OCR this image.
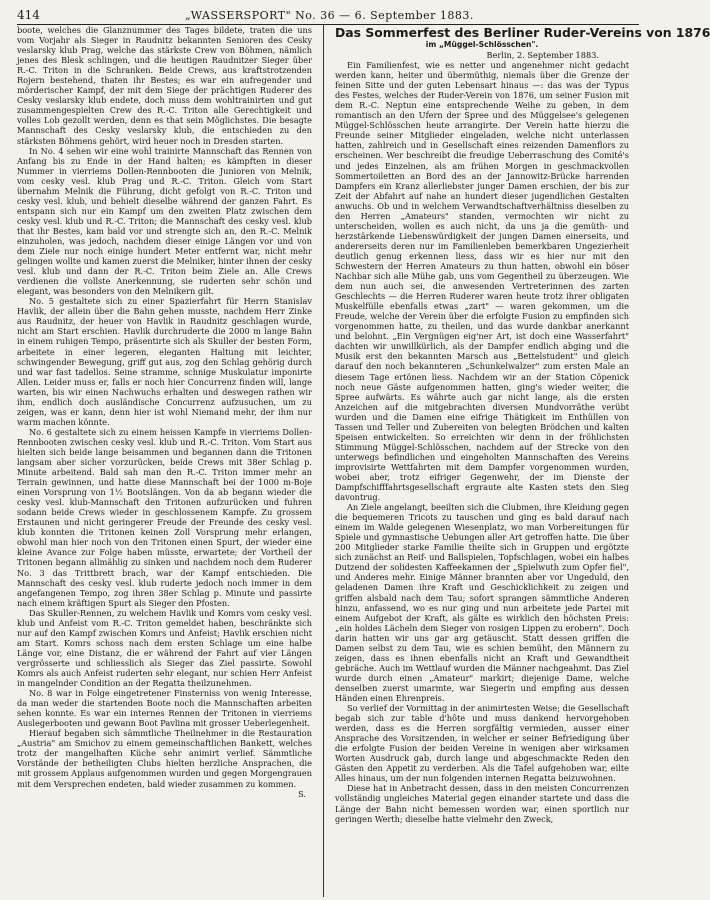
414	„WASSERSPORT" No. 36 — 6. September 1883.

boote, welches die Glanznummer des Tages bildete, traten die uns vom Vorjahr als Sieger in Raudnitz bekannten Senioren des Cesky veslarsky klub Prag, welche das stärkste Crew von Böhmen, nämlich jenes des Blesk schlingen, und die heutigen Raudnitzer Sieger über R.-C. Triton in die Schranken. Beide Crews, aus kraftstrotzenden Rojern bestehend, thaten ihr Bestes; es war ein aufregender und mörderischer Kampf, der mit dem Siege der prächtigen Ruderer des Cesky veslarsky klub endete, doch muss dem wohltrainirten und gut zusammengespielten Crew des R.-C. Triton alle Gerechtigkeit und volles Lob gezollt werden, denn es that sein Möglichstes. Die besagte Mannschaft des Cesky veslarsky klub, die entschieden zu den stärksten Böhmens gehört, wird heuer noch in Dresden starten.

In No. 4 sehen wir eine wohl trainirte Mannschaft das Rennen von Anfang bis zu Ende in der Hand halten; es kämpften in dieser Nummer in vierriems Dollen-Rennbooten die Junioren von Melnik, vom cesky vesl. klub Prag und R.-C. Triton. Gleich vom Start übernahm Melnik die Führung, dicht gefolgt von R.-C. Triton und cesky vesl. klub, und behielt dieselbe während der ganzen Fahrt. Es entspann sich nur ein Kampf um den zweiten Platz zwischen dem cesky vesl. klub und R.-C. Triton; die Mannschaft des cesky vesl. klub that ihr Bestes, kam bald vor und strengte sich an, den R.-C. Melnik einzuholen, was jedoch, nachdem dieser einige Längen vor und von dem Ziele nur noch einige hundert Meter entfernt war, nicht mehr gelingen wollte und kamen zuerst die Melniker, hinter ihnen der cesky vesl. klub und dann der R.-C. Triton beim Ziele an. Alle Crews verdienen die vollste Anerkennung, sie ruderten sehr schön und elegant, was besonders von den Melnikern gilt.

No. 5 gestaltete sich zu einer Spazierfahrt für Herrn Stanislav Havlik, der allein über die Bahn gehen musste, nachdem Herr Zinke aus Raudnitz, der heuer von Havlik in Raudnitz geschlagen wurde, nicht am Start erschien. Havlik durchruderte die 2000 m lange Bahn in einem ruhigen Tempo, präsentirte sich als Skuller der besten Form, arbeitete in einer legeren, eleganten Haltung mit leichter, schwingender Bewegung, griff gut aus, zog den Schlag gehörig durch und war fast tadellos. Seine stramme, schnige Muskulatur imponirte Allen. Leider muss er, falls er noch hier Concurrenz finden will, lange warten, bis wir einen Nachwuchs erhalten und deswegen rathen wir ihm, endlich doch ausländische Concurrenz aufzusuchen, um zu zeigen, was er kann, denn hier ist wohl Niemand mehr, der ihm nur warm machen könnte.

No. 6 gestaltete sich zu einem heissen Kampfe in vierriems Dollen-Rennbooten zwischen cesky vesl. klub und R.-C. Triton. Vom Start aus hielten sich beide lange beisammen und begannen dann die Tritonen langsam aber sicher vorzurücken, beide Crews mit 38er Schlag p. Minute arbeitend. Bald sah man den R.-C. Triton immer mehr an Terrain gewinnen, und hatte diese Mannschaft bei der 1000 m-Boje einen Vorsprung von 1½ Bootslängen. Von da ab begann wieder die cesky vesl. klub-Mannschaft den Tritonen aufzurücken und fuhren sodann beide Crews wieder in geschlossenem Kampfe. Zu grossem Erstaunen und nicht geringerer Freude der Freunde des cesky vesl. klub konnten die Tritonen keinen Zoll Vorsprung mehr erlangen, obwohl man hier noch von den Tritonen einen Spurt, der wieder eine kleine Avance zur Folge haben müsste, erwartete; der Vortheil der Tritonen begann allmählig zu sinken und nachdem noch dem Ruderer No. 3 das Trittbrett brach, war der Kampf entschieden. Die Mannschaft des cesky vesl. klub ruderte jedoch noch immer in dem angefangenen Tempo, zog ihren 38er Schlag p. Minute und passirte nach einem kräftigen Spurt als Sieger den Pfosten.

Das Skuller-Rennen, zu welchem Havlik und Komrs vom cesky vesl. klub und Anfeist vom R.-C. Triton gemeldet haben, beschränkte sich nur auf den Kampf zwischen Komrs und Anfeist; Havlik erschien nicht am Start. Komrs schoss nach dem ersten Schlage um eine halbe Länge vor, eine Distanz, die er während der Fahrt auf vier Längen vergrösserte und schliesslich als Sieger das Ziel passirte. Sowohl Komrs als auch Anfeist ruderten sehr elegant, nur schien Herr Anfeist in mangelnder Condition an der Regatta theilzunehmen.

No. 8 war in Folge eingetretener Finsterniss von wenig Interesse, da man weder die startenden Boote noch die Mannschaften arbeiten sehen konnte. Es war ein internes Rennen der Tritonen in vierriems Auslegerbooten und gewann Boot Pavlina mit grosser Ueberlegenheit.

Hierauf begaben sich sämmtliche Theilnehmer in die Restauration „Austria" am Smichov zu einem gemeinschaftlichen Bankett, welches trotz der mangelhaften Küche sehr animirt verlief. Sämmtliche Vorstände der betheiligten Clubs hielten herzliche Ansprachen, die mit grossem Applaus aufgenommen wurden und gegen Morgengrauen mit dem Versprechen endeten, bald wieder zusammen zu kommen.

S.
Das Sommerfest des Berliner Ruder-Vereins von 1876
im „Müggel-Schlösschen".
Berlin, 2. September 1883.

Ein Familienfest, wie es netter und angenehmer nicht gedacht werden kann, heiter und übermüthig, niemals über die Grenze der feinen Sitte und der guten Lebensart hinaus —: das was der Typus des Festes, welches der Ruder-Verein von 1876, um seiner Fusion mit dem R.-C. Neptun eine entsprechende Weihe zu geben, in dem romantisch an den Ufern der Spree und des Müggelsee's gelegenen Müggel-Schlösschen heute arrangirte. Der Verein hatte hierzu die Freunde seiner Mitglieder eingeladen, welche nicht unterlassen hatten, zahlreich und in Gesellschaft eines reizenden Damenflors zu erscheinen. Wer beschreibt die freudige Ueberraschung des Comité's und jedes Einzelnen, als am frühen Morgen in geschmackvollen Sommertoiletten an Bord des an der Jannowitz-Brücke harrenden Dampfers ein Kranz allerliebster junger Damen erschien, der bis zur Zeit der Abfahrt auf nahe an hundert dieser jugendlichen Gestalten anwuchs. Ob und in welchem Verwandtschaftverhältniss dieselben zu den Herren „Amateurs" standen, vermochten wir nicht zu unterscheiden, wollen es auch nicht, da uns ja die gemüth- und herzstärkende Liebenswürdigkeit der jungen Damen einerseits, und andererseits deren nur im Familienleben bemerkbaren Ungezierheit deutlich genug erkennen liess, dass wir es hier nur mit den Schwestern der Herren Amateurs zu thun hatten, obwohl ein böser Nachbar sich alle Mühe gab, uns vom Gegentheil zu überzeugen. Wie dem nun auch sei, die anwesenden Vertreterinnen des zarten Geschlechts — die Herren Ruderer waren heute trotz ihrer obligaten Muskelfülle ebenfalls etwas „zart" — waren gekommen, um die Freude, welche der Verein über die erfolgte Fusion zu empfinden sich vorgenommen hatte, zu theilen, und das wurde dankbar anerkannt und belohnt. „Ein Vergnügen eig'ner Art, ist doch eine Wasserfahrt" dachten wir unwillkürlich, als der Dampfer endlich abging und die Musik erst den bekannten Marsch aus „Bettelstudent" und gleich darauf den noch bekannteren „Schunkelwalzer" zum ersten Male an diesem Tage ertönen liess. Nachdem wir an der Station Cöpenick noch neue Gäste aufgenommen hatten, ging's wieder weiter, die Spree aufwärts. Es währte auch gar nicht lange, als die ersten Anzeichen auf die mitgebrachten diversen Mundvorräthe verübt wurden und die Damen eine eifrige Thätigkeit im Enthüllen von Tassen und Teller und Zubereiten von belegten Brödchen und kalten Speisen entwickelten. So erreichten wir denn in der fröhlichsten Stimmung Müggel-Schlösschen, nachdem auf der Strecke von den unterwegs befindlichen und eingeholten Mannschaften des Vereins improvisirte Wettfahrten mit dem Dampfer vorgenommen wurden, wobei aber, trotz eifriger Gegenwehr, der im Dienste der Dampfschifffahrtsgesellschaft ergraute alte Kasten stets den Sieg davontrug.

An Ziele angelangt, beeilten sich die Clubmen, ihre Kleidung gegen die bequemeren Tricots zu tauschen und ging es bald darauf nach einem im Walde gelegenen Wiesenplatz, wo man Vorbereitungen für Spiele und gymnastische Uebungen aller Art getroffen hatte. Die über 200 Mitglieder starke Familie theilte sich in Gruppen und ergötzte sich zunächst an Reif- und Ballspielen, Topfschlagen, wobei ein halbes Dutzend der solidesten Kaffeekannen der „Spielwuth zum Opfer fiel", und Anderes mehr. Einige Männer brannten aber vor Ungeduld, den geladenen Damen ihre Kraft und Geschicklichkeit zu zeigen und griffen alsbald nach dem Tau; sofort sprangen sämmtliche Anderen hinzu, anfassend, wo es nur ging und nun arbeitete jede Partei mit einem Aufgebot der Kraft, als gälte es wirklich den höchsten Preis: „ein holdes Lächeln dem Sieger von rosigen Lippen zu erobern". Doch darin hatten wir uns gar arg getäuscht. Statt dessen griffen die Damen selbst zu dem Tau, wie es schien bemüht, den Männern zu zeigen, dass es ihnen ebenfalls nicht an Kraft und Gewandtheit gebräche. Auch im Wettlauf wurden die Männer nachgeahmt. Das Ziel wurde durch einen „Amateur" markirt; diejenige Dame, welche denselben zuerst umarmte, war Siegerin und empfing aus dessen Händen einen Ehrenpreis.

So verlief der Vormittag in der animirtesten Weise; die Gesellschaft begab sich zur table d'hôte und muss dankend hervorgehoben werden, dass es die Herren sorgfältig vermieden, ausser einer Ansprache des Vorsitzenden, in welcher er seiner Befriedigung über die erfolgte Fusion der beiden Vereine in wenigen aber wirksamen Worten Ausdruck gab, durch lange und abgeschmackte Reden den Gästen den Appetit zu verderben. Als die Tafel aufgehoben war, eilte Alles hinaus, um der nun folgenden internen Regatta beizuwohnen.

Diese hat in Anbetracht dessen, dass in den meisten Concurrenzen vollständig ungleiches Material gegen einander startete und dass die Länge der Bahn nicht bemessen worden war, einen sportlich nur geringen Werth; dieselbe hatte vielmehr den Zweck,
